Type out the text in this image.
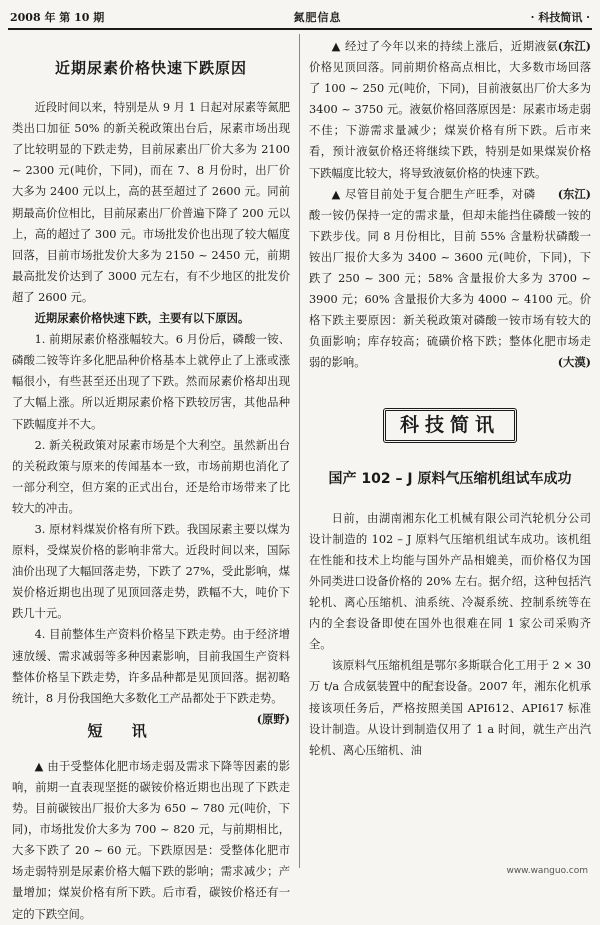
2008 年 第 10 期	氮肥信息	· 科技简讯 ·
近期尿素价格快速下跌原因

近段时间以来，特别是从 9 月 1 日起对尿素等氮肥类出口加征 50% 的新关税政策出台后，尿素市场出现了比较明显的下跌走势，目前尿素出厂价大多为 2100 ~ 2300 元(吨价，下同)，而在 7、8 月份时，出厂价大多为 2400 元以上，高的甚至超过了 2600 元。同前期最高价位相比，目前尿素出厂价普遍下降了 200 元以上，高的超过了 300 元。市场批发价也出现了较大幅度回落，目前市场批发价大多为 2150 ~ 2450 元，前期最高批发价达到了 3000 元左右，有不少地区的批发价超了 2600 元。

近期尿素价格快速下跌，主要有以下原因。

1. 前期尿素价格涨幅较大。6 月份后，磷酸一铵、磷酸二铵等许多化肥品种价格基本上就停止了上涨或涨幅很小，有些甚至还出现了下跌。然而尿素价格却出现了大幅上涨。所以近期尿素价格下跌较厉害，其他品种下跌幅度并不大。

2. 新关税政策对尿素市场是个大利空。虽然新出台的关税政策与原来的传闻基本一致，市场前期也消化了一部分利空，但方案的正式出台，还是给市场带来了比较大的冲击。

3. 原材料煤炭价格有所下跌。我国尿素主要以煤为原料，受煤炭价格的影响非常大。近段时间以来，国际油价出现了大幅回落走势，下跌了 27%，受此影响，煤炭价格近期也出现了见顶回落走势，跌幅不大，吨价下跌几十元。

4. 目前整体生产资料价格呈下跌走势。由于经济增速放缓、需求减弱等多种因素影响，目前我国生产资料整体价格呈下跌走势，许多品种都是见顶回落。据初略统计，8 月份我国绝大多数化工产品都处于下跌走势。
(原野)

短 讯

▲ 由于受整体化肥市场走弱及需求下降等因素的影响，前期一直表现坚挺的碳铵价格近期也出现了下跌走势。目前碳铵出厂报价大多为 650 ~ 780 元(吨价，下同)，市场批发价大多为 700 ~ 820 元，与前期相比，大多下跌了 20 ~ 60 元。下跌原因是：受整体化肥市场走弱特别是尿素价格大幅下跌的影响；需求减少；产量增加；煤炭价格有所下跌。后市看，碳铵价格还有一定的下跌空间。

(东江)

▲ 经过了今年以来的持续上涨后，近期液氨价格见顶回落。同前期价格高点相比，大多数市场回落了 100 ~ 250 元(吨价，下同)，目前液氨出厂价大多为 3400 ~ 3750 元。液氨价格回落原因是：尿素市场走弱不佳；下游需求量减少；煤炭价格有所下跌。后市来看，预计液氨价格还将继续下跌，特别是如果煤炭价格下跌幅度比较大，将导致液氨价格的快速下跌。
(东江)

▲ 尽管目前处于复合肥生产旺季，对磷酸一铵仍保持一定的需求量，但却未能挡住磷酸一铵的下跌步伐。同 8 月份相比，目前 55% 含量粉状磷酸一铵出厂报价大多为 3400 ~ 3600 元(吨价，下同)，下跌了 250 ~ 300 元；58% 含量报价大多为 3700 ~ 3900 元；60% 含量报价大多为 4000 ~ 4100 元。价格下跌主要原因：新关税政策对磷酸一铵市场有较大的负面影响；库存较高；硫磺价格下跌；整体化肥市场走弱的影响。	(大漠)

科技简讯
国产 102 – J 原料气压缩机组试车成功

日前，由湖南湘东化工机械有限公司汽轮机分公司设计制造的 102 – J 原料气压缩机组试车成功。该机组在性能和技术上均能与国外产品相媲美，而价格仅为国外同类进口设备价格的 20% 左右。据介绍，这种包括汽轮机、离心压缩机、油系统、冷凝系统、控制系统等在内的全套设备即使在国外也很难在同 1 家公司采购齐全。

该原料气压缩机组是鄂尔多斯联合化工用于 2 × 30 万 t/a 合成氨装置中的配套设备。2007 年，湘东化机承接该项任务后，严格按照美国 API612、API617 标准设计制造。从设计到制造仅用了 1 a 时间，就生产出汽轮机、离心压缩机、油

www.wanguo.com
